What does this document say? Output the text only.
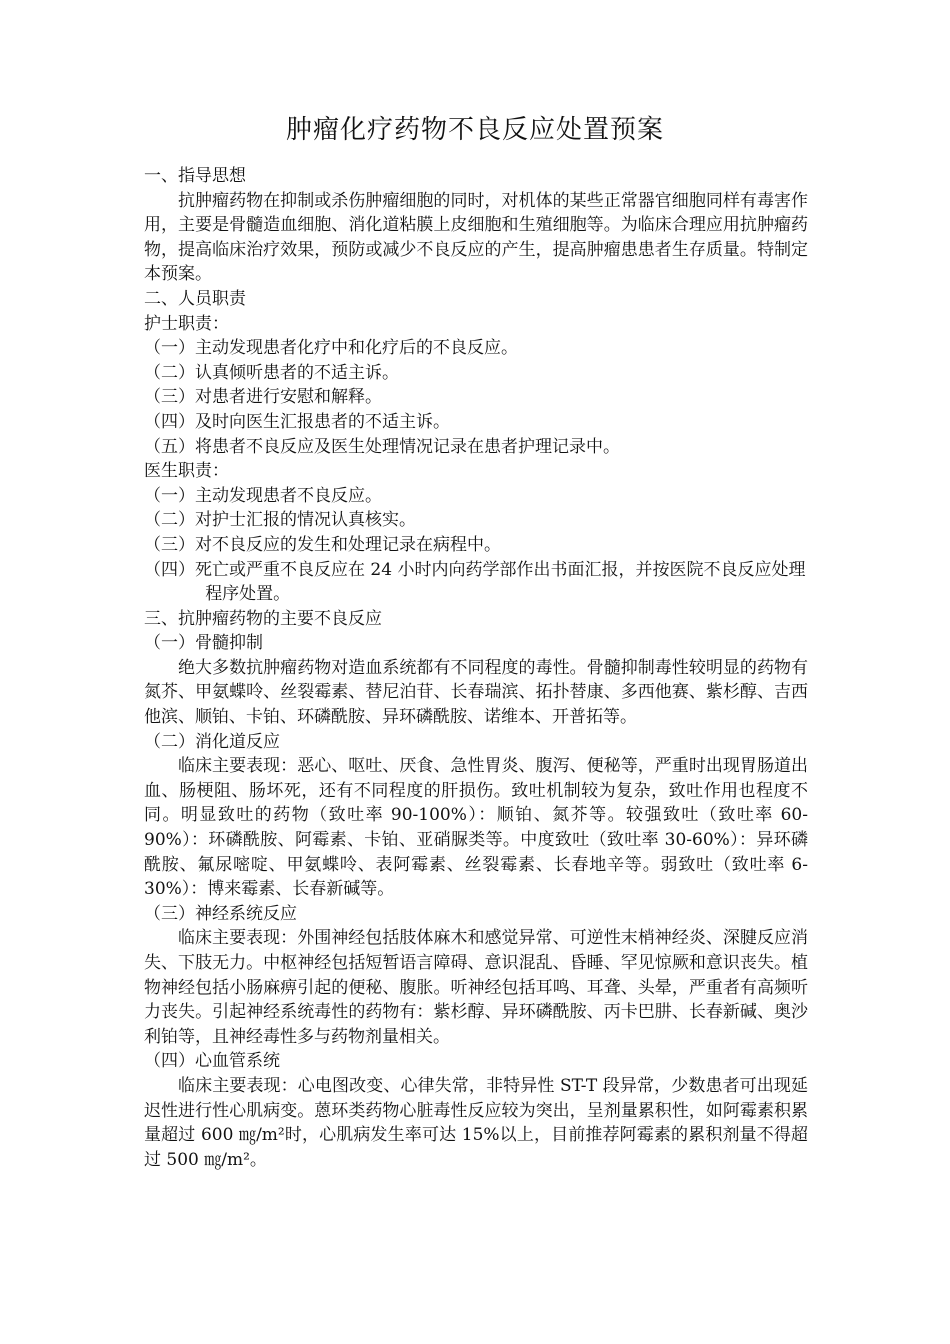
肿瘤化疗药物不良反应处置预案

一、指导思想

抗肿瘤药物在抑制或杀伤肿瘤细胞的同时，对机体的某些正常器官细胞同样有毒害作用，主要是骨髓造血细胞、消化道粘膜上皮细胞和生殖细胞等。为临床合理应用抗肿瘤药物，提高临床治疗效果，预防或减少不良反应的产生，提高肿瘤患患者生存质量。特制定本预案。

二、人员职责

护士职责：

（一）主动发现患者化疗中和化疗后的不良反应。

（二）认真倾听患者的不适主诉。

（三）对患者进行安慰和解释。

（四）及时向医生汇报患者的不适主诉。

（五）将患者不良反应及医生处理情况记录在患者护理记录中。

医生职责：

（一）主动发现患者不良反应。

（二）对护士汇报的情况认真核实。

（三）对不良反应的发生和处理记录在病程中。

（四）死亡或严重不良反应在 24 小时内向药学部作出书面汇报，并按医院不良反应处理程序处置。

三、抗肿瘤药物的主要不良反应

（一）骨髓抑制

绝大多数抗肿瘤药物对造血系统都有不同程度的毒性。骨髓抑制毒性较明显的药物有氮芥、甲氨蝶呤、丝裂霉素、替尼泊苷、长春瑞滨、拓扑替康、多西他赛、紫杉醇、吉西他滨、顺铂、卡铂、环磷酰胺、异环磷酰胺、诺维本、开普拓等。

（二）消化道反应

临床主要表现：恶心、呕吐、厌食、急性胃炎、腹泻、便秘等，严重时出现胃肠道出血、肠梗阻、肠坏死，还有不同程度的肝损伤。致吐机制较为复杂，致吐作用也程度不同。明显致吐的药物（致吐率 90-100%）：顺铂、氮芥等。较强致吐（致吐率 60-90%）：环磷酰胺、阿霉素、卡铂、亚硝脲类等。中度致吐（致吐率 30-60%）：异环磷酰胺、氟尿嘧啶、甲氨蝶呤、表阿霉素、丝裂霉素、长春地辛等。弱致吐（致吐率 6-30%）：博来霉素、长春新碱等。

（三）神经系统反应

临床主要表现：外围神经包括肢体麻木和感觉异常、可逆性末梢神经炎、深腱反应消失、下肢无力。中枢神经包括短暂语言障碍、意识混乱、昏睡、罕见惊厥和意识丧失。植物神经包括小肠麻痹引起的便秘、腹胀。听神经包括耳鸣、耳聋、头晕，严重者有高频听力丧失。引起神经系统毒性的药物有：紫杉醇、异环磷酰胺、丙卡巴肼、长春新碱、奥沙利铂等，且神经毒性多与药物剂量相关。

（四）心血管系统

临床主要表现：心电图改变、心律失常，非特异性 ST-T 段异常，少数患者可出现延迟性进行性心肌病变。蒽环类药物心脏毒性反应较为突出，呈剂量累积性，如阿霉素积累量超过 600 ㎎/m²时，心肌病发生率可达 15%以上，目前推荐阿霉素的累积剂量不得超过 500 ㎎/m²。
